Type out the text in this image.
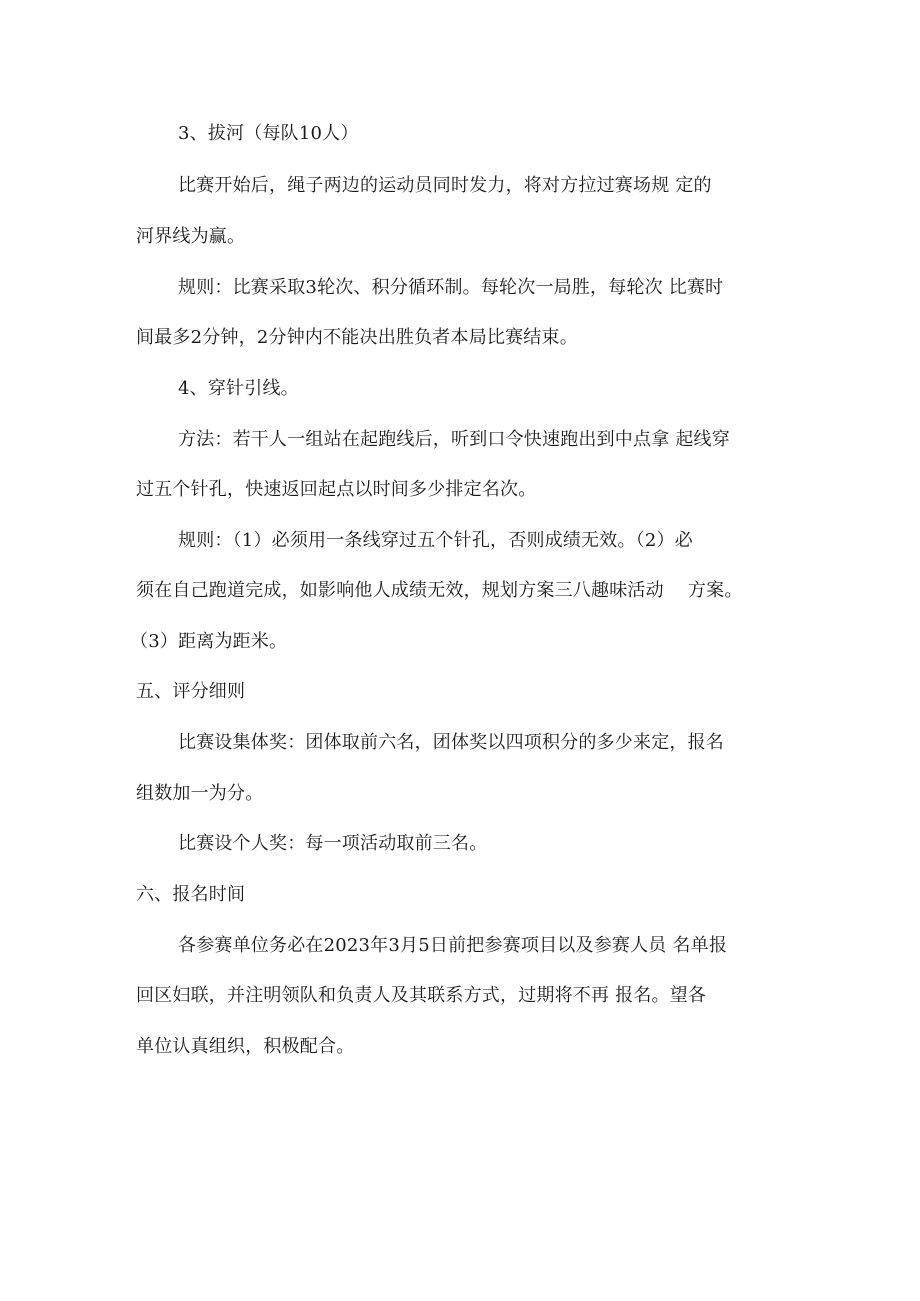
3、拔河（每队10人）
比赛开始后，绳子两边的运动员同时发力，将对方拉过赛场规 定的
河界线为赢。
规则：比赛采取3轮次、积分循环制。每轮次一局胜，每轮次 比赛时
间最多2分钟，2分钟内不能决出胜负者本局比赛结束。
4、穿针引线。
方法：若干人一组站在起跑线后，听到口令快速跑出到中点拿 起线穿
过五个针孔，快速返回起点以时间多少排定名次。
规则：（1）必须用一条线穿过五个针孔，否则成绩无效。（2）必
须在自己跑道完成，如影响他人成绩无效，规划方案三八趣味活动　 方案。
（3）距离为距米。
五、评分细则
比赛设集体奖：团体取前六名，团体奖以四项积分的多少来定，报名
组数加一为分。
比赛设个人奖：每一项活动取前三名。
六、报名时间
各参赛单位务必在2023年3月5日前把参赛项目以及参赛人员 名单报
回区妇联，并注明领队和负责人及其联系方式，过期将不再 报名。望各
单位认真组织，积极配合。
